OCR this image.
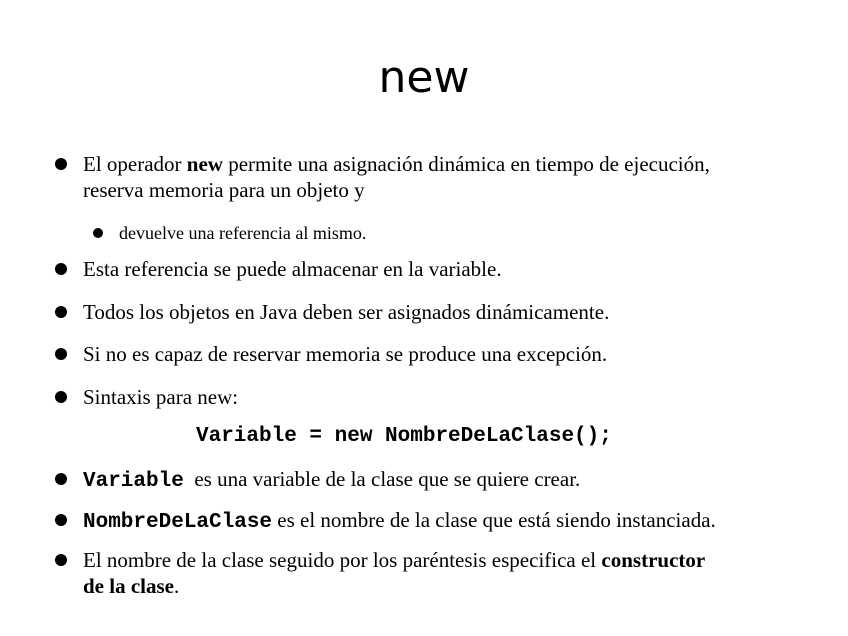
new
El operador new permite una asignación dinámica en tiempo de ejecución,
reserva memoria para un objeto y
devuelve una referencia al mismo.
Esta referencia se puede almacenar en la variable.
Todos los objetos en Java deben ser asignados dinámicamente.
Si no es capaz de reservar memoria se produce una excepción.
Sintaxis para new:
Variable = new NombreDeLaClase();
Variable  es una variable de la clase que se quiere crear.
NombreDeLaClase es el nombre de la clase que está siendo instanciada.
El nombre de la clase seguido por los paréntesis especifica el constructor
de la clase.
